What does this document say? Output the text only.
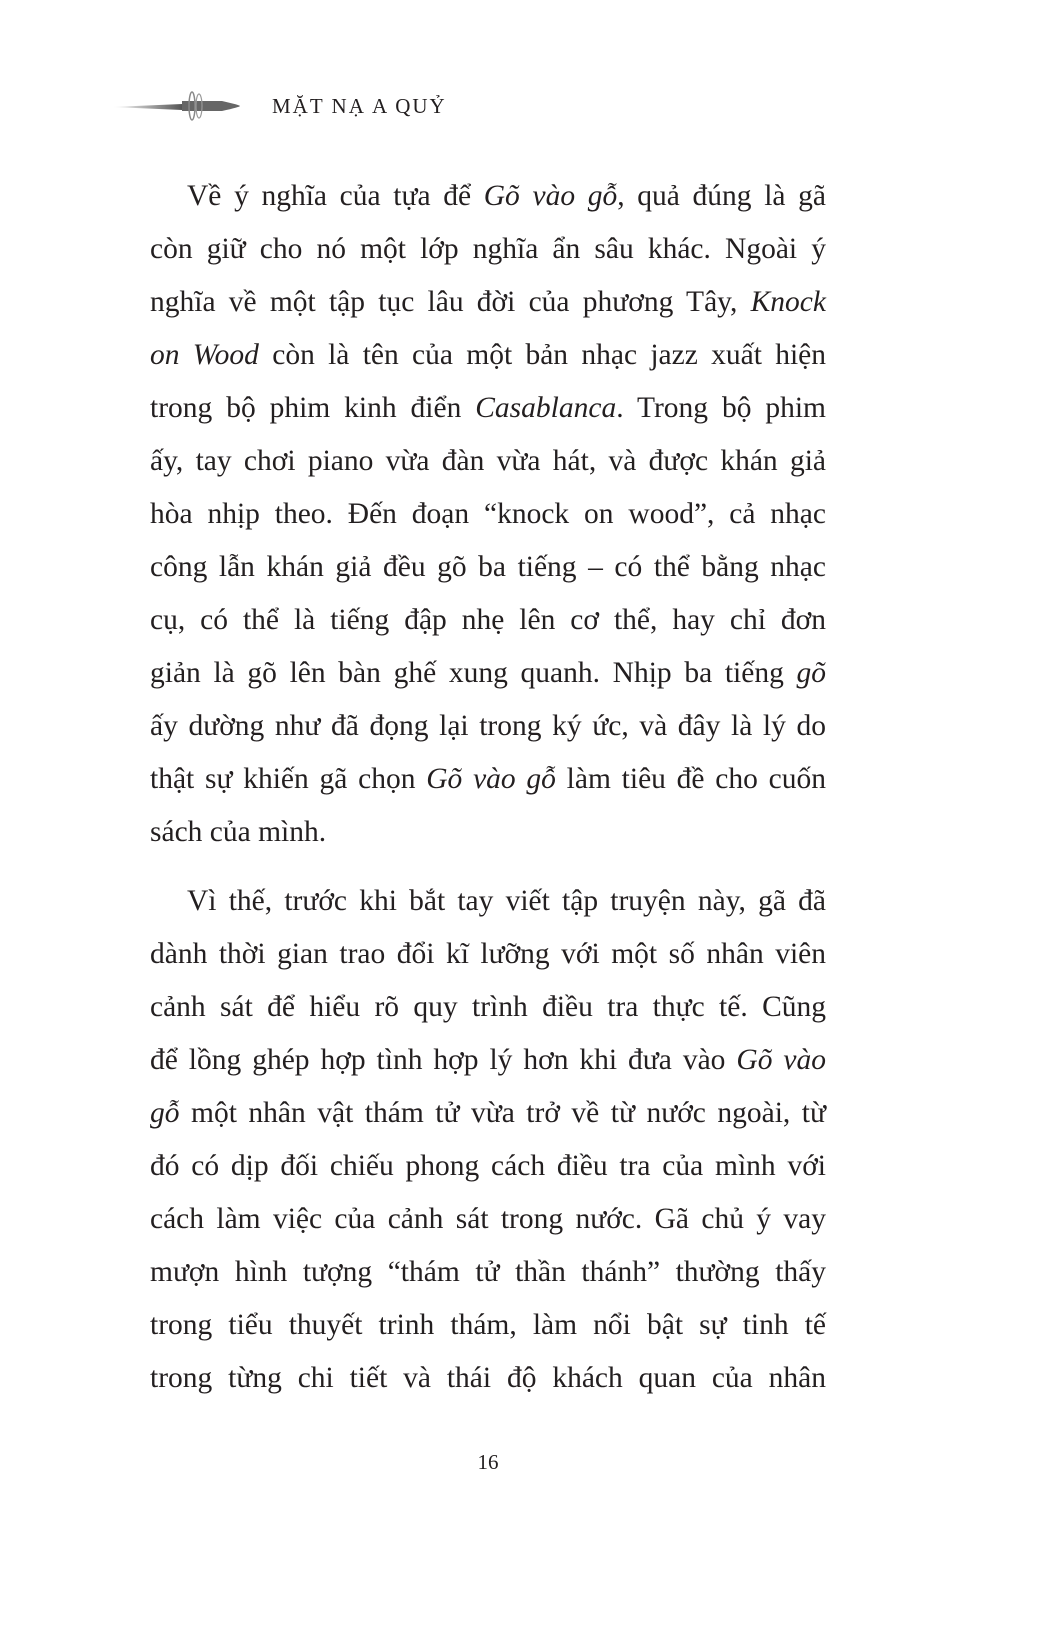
MẶT NẠ A QUỶ
Về ý nghĩa của tựa để Gõ vào gỗ, quả đúng là gã
còn giữ cho nó một lớp nghĩa ẩn sâu khác. Ngoài ý
nghĩa về một tập tục lâu đời của phương Tây, Knock
on Wood còn là tên của một bản nhạc jazz xuất hiện
trong bộ phim kinh điển Casablanca. Trong bộ phim
ấy, tay chơi piano vừa đàn vừa hát, và được khán giả
hòa nhịp theo. Đến đoạn “knock on wood”, cả nhạc
công lẫn khán giả đều gõ ba tiếng – có thể bằng nhạc
cụ, có thể là tiếng đập nhẹ lên cơ thể, hay chỉ đơn
giản là gõ lên bàn ghế xung quanh. Nhịp ba tiếng gõ
ấy dường như đã đọng lại trong ký ức, và đây là lý do
thật sự khiến gã chọn Gõ vào gỗ làm tiêu đề cho cuốn
sách của mình.
Vì thế, trước khi bắt tay viết tập truyện này, gã đã
dành thời gian trao đổi kĩ lưỡng với một số nhân viên
cảnh sát để hiểu rõ quy trình điều tra thực tế. Cũng
để lồng ghép hợp tình hợp lý hơn khi đưa vào Gõ vào
gỗ một nhân vật thám tử vừa trở về từ nước ngoài, từ
đó có dịp đối chiếu phong cách điều tra của mình với
cách làm việc của cảnh sát trong nước. Gã chủ ý vay
mượn hình tượng “thám tử thần thánh” thường thấy
trong tiểu thuyết trinh thám, làm nổi bật sự tinh tế
trong từng chi tiết và thái độ khách quan của nhân
16
